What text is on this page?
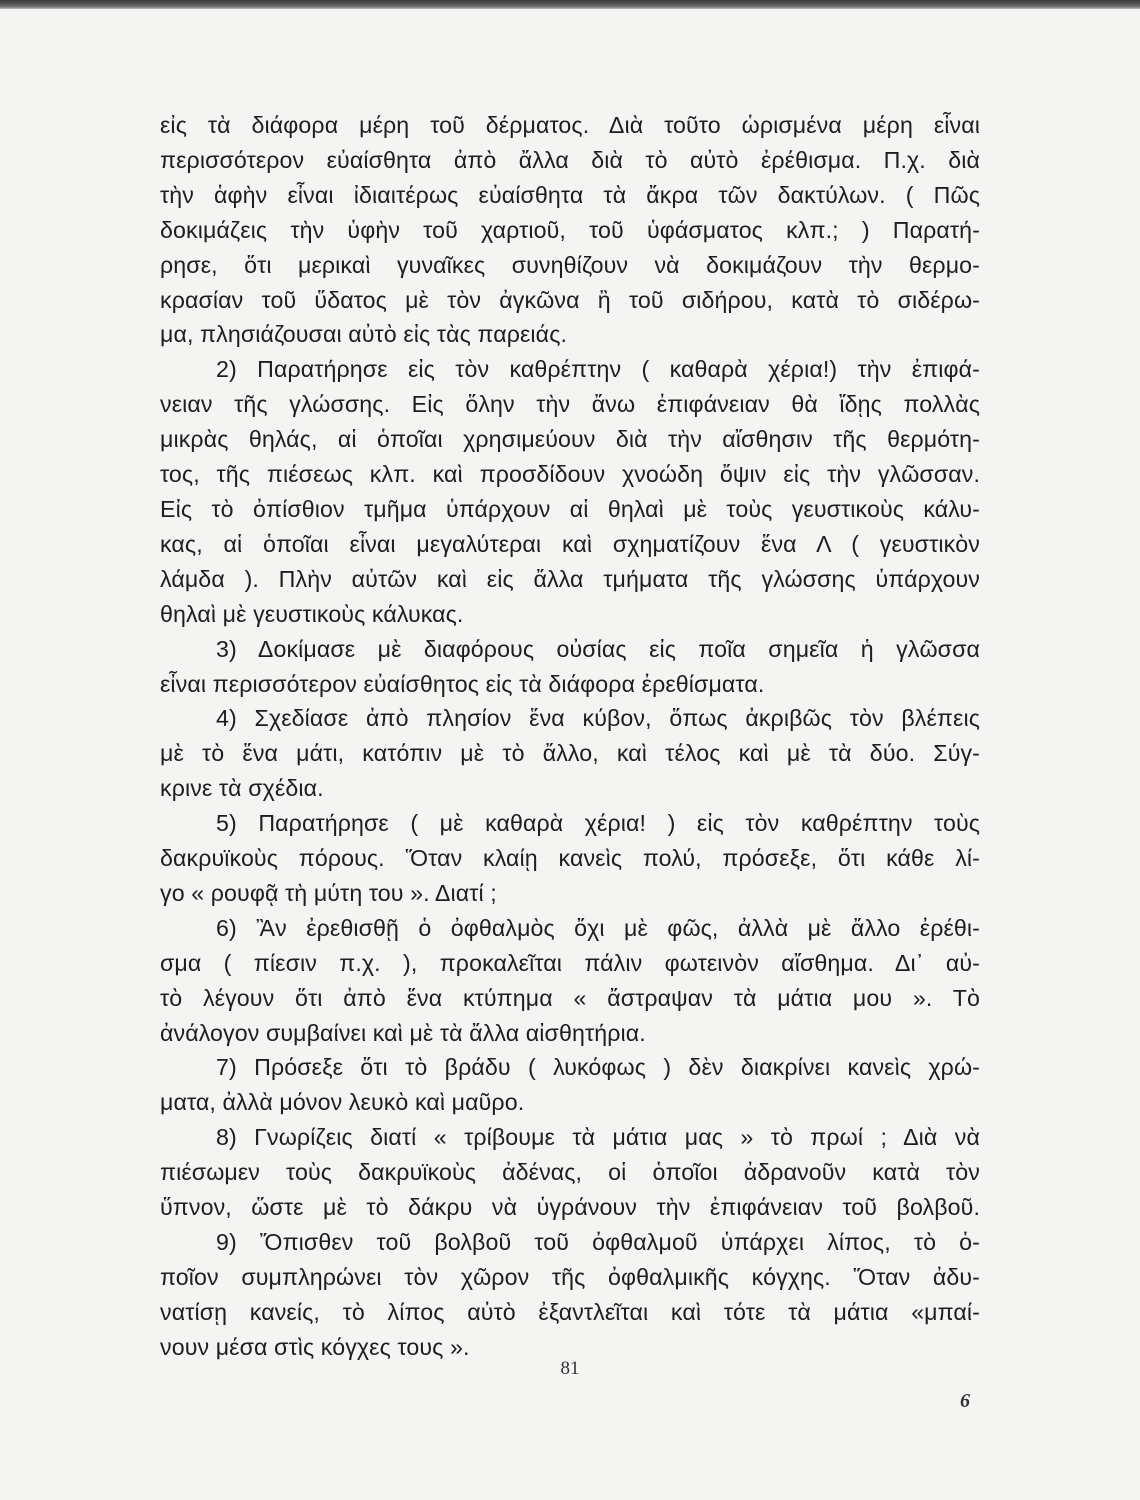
εἰς τὰ διάφορα μέρη τοῦ δέρματος. Διὰ τοῦτο ὡρισμένα μέρη εἶναι
περισσότερον εὐαίσθητα ἀπὸ ἄλλα διὰ τὸ αὐτὸ ἐρέθισμα. Π.χ. διὰ
τὴν ἁφὴν εἶναι ἰδιαιτέρως εὐαίσθητα τὰ ἄκρα τῶν δακτύλων. ( Πῶς
δοκιμάζεις τὴν ὑφὴν τοῦ χαρτιοῦ, τοῦ ὑφάσματος κλπ.; ) Παρατή-
ρησε, ὅτι μερικαὶ γυναῖκες συνηθίζουν νὰ δοκιμάζουν τὴν θερμο-
κρασίαν τοῦ ὕδατος μὲ τὸν ἀγκῶνα ἢ τοῦ σιδήρου, κατὰ τὸ σιδέρω-
μα, πλησιάζουσαι αὐτὸ εἰς τὰς παρειάς.

2) Παρατήρησε εἰς τὸν καθρέπτην ( καθαρὰ χέρια!) τὴν ἐπιφά-
νειαν τῆς γλώσσης. Εἰς ὅλην τὴν ἄνω ἐπιφάνειαν θὰ ἴδῃς πολλὰς
μικρὰς θηλάς, αἱ ὁποῖαι χρησιμεύουν διὰ τὴν αἴσθησιν τῆς θερμότη-
τος, τῆς πιέσεως κλπ. καὶ προσδίδουν χνοώδη ὄψιν εἰς τὴν γλῶσσαν.
Εἰς τὸ ὀπίσθιον τμῆμα ὑπάρχουν αἱ θηλαὶ μὲ τοὺς γευστικοὺς κάλυ-
κας, αἱ ὁποῖαι εἶναι μεγαλύτεραι καὶ σχηματίζουν ἕνα Λ ( γευστικὸν
λάμδα ). Πλὴν αὐτῶν καὶ εἰς ἄλλα τμήματα τῆς γλώσσης ὑπάρχουν
θηλαὶ μὲ γευστικοὺς κάλυκας.

3) Δοκίμασε μὲ διαφόρους οὐσίας εἰς ποῖα σημεῖα ἡ γλῶσσα
εἶναι περισσότερον εὐαίσθητος εἰς τὰ διάφορα ἐρεθίσματα.

4) Σχεδίασε ἀπὸ πλησίον ἕνα κύβον, ὅπως ἀκριβῶς τὸν βλέπεις
μὲ τὸ ἕνα μάτι, κατόπιν μὲ τὸ ἄλλο, καὶ τέλος καὶ μὲ τὰ δύο. Σύγ-
κρινε τὰ σχέδια.

5) Παρατήρησε ( μὲ καθαρὰ χέρια! ) εἰς τὸν καθρέπτην τοὺς
δακρυϊκοὺς πόρους. Ὅταν κλαίῃ κανεὶς πολύ, πρόσεξε, ὅτι κάθε λί-
γο « ρουφᾷ τὴ μύτη του ». Διατί ;

6) Ἂν ἐρεθισθῇ ὁ ὀφθαλμὸς ὄχι μὲ φῶς, ἀλλὰ μὲ ἄλλο ἐρέθι-
σμα ( πίεσιν π.χ. ), προκαλεῖται πάλιν φωτεινὸν αἴσθημα. Δι᾽ αὐ-
τὸ λέγουν ὅτι ἀπὸ ἕνα κτύπημα « ἄστραψαν τὰ μάτια μου ». Τὸ
ἀνάλογον συμβαίνει καὶ μὲ τὰ ἄλλα αἰσθητήρια.

7) Πρόσεξε ὅτι τὸ βράδυ ( λυκόφως ) δὲν διακρίνει κανεὶς χρώ-
ματα, ἀλλὰ μόνον λευκὸ καὶ μαῦρο.

8) Γνωρίζεις διατί « τρίβουμε τὰ μάτια μας » τὸ πρωί ; Διὰ νὰ
πιέσωμεν τοὺς δακρυϊκοὺς ἀδένας, οἱ ὁποῖοι ἀδρανοῦν κατὰ τὸν
ὕπνον, ὥστε μὲ τὸ δάκρυ νὰ ὑγράνουν τὴν ἐπιφάνειαν τοῦ βολβοῦ.

9) Ὄπισθεν τοῦ βολβοῦ τοῦ ὀφθαλμοῦ ὑπάρχει λίπος, τὸ ὁ-
ποῖον συμπληρώνει τὸν χῶρον τῆς ὀφθαλμικῆς κόγχης. Ὅταν ἀδυ-
νατίσῃ κανείς, τὸ λίπος αὐτὸ ἐξαντλεῖται καὶ τότε τὰ μάτια «μπαί-
νουν μέσα στὶς κόγχες τους ».

81
6
